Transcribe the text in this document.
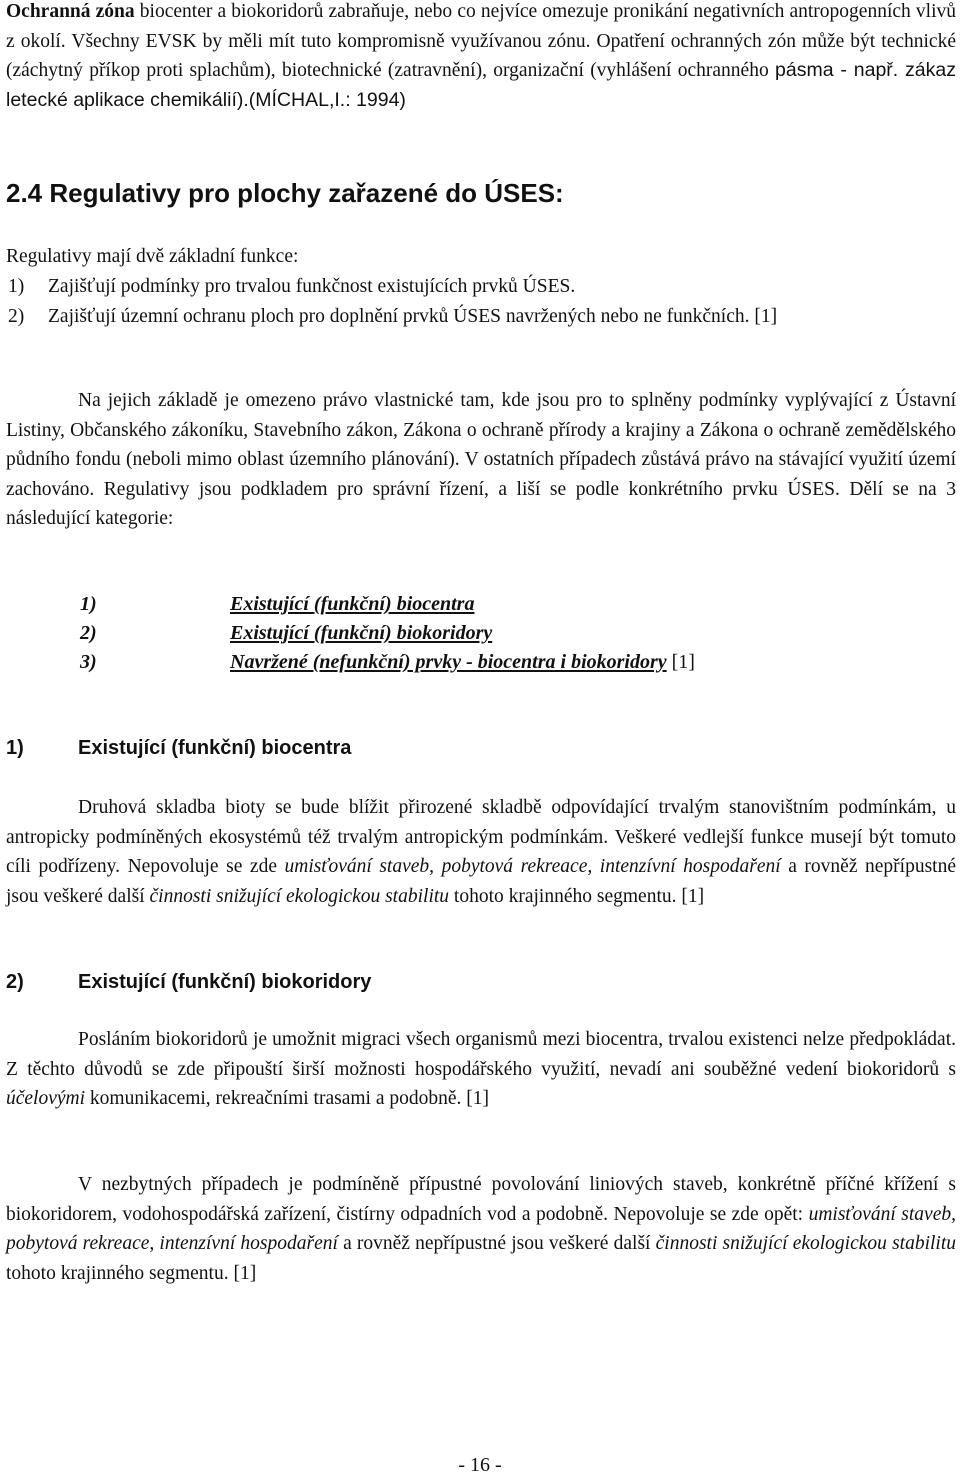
Ochranná zóna biocenter a biokoridorů zabraňuje, nebo co nejvíce omezuje pronikání negativních antropogenních vlivů z okolí. Všechny EVSK by měli mít tuto kompromisně využívanou zónu. Opatření ochranných zón může být technické (záchytný příkop proti splachům), biotechnické (zatravnění), organizační (vyhlášení ochranného pásma - např. zákaz letecké aplikace chemikálií).(MÍCHAL,I.: 1994)

2.4 Regulativy pro plochy zařazené do ÚSES:

Regulativy mají dvě základní funkce:

1)	Zajišťují podmínky pro trvalou funkčnost existujících prvků ÚSES.
2)	Zajišťují územní ochranu ploch pro doplnění prvků ÚSES navržených nebo ne funkčních. [1]

Na jejich základě je omezeno právo vlastnické tam, kde jsou pro to splněny podmínky vyplývající z Ústavní Listiny, Občanského zákoníku, Stavebního zákon, Zákona o ochraně přírody a krajiny a Zákona o ochraně zemědělského půdního fondu (neboli mimo oblast územního plánování). V ostatních případech zůstává právo na stávající využití území zachováno. Regulativy jsou podkladem pro správní řízení, a liší se podle konkrétního prvku ÚSES. Dělí se na 3 následující kategorie:

1)	Existující (funkční) biocentra
2)	Existující (funkční) biokoridory
3)	Navržené (nefunkční) prvky - biocentra i biokoridory [1]
1)	Existující (funkční) biocentra

Druhová skladba bioty se bude blížit přirozené skladbě odpovídající trvalým stanovištním podmínkám, u antropicky podmíněných ekosystémů též trvalým antropickým podmínkám. Veškeré vedlejší funkce musejí být tomuto cíli podřízeny. Nepovoluje se zde umisťování staveb, pobytová rekreace, intenzívní hospodaření a rovněž nepřípustné jsou veškeré další činnosti snižující ekologickou stabilitu tohoto krajinného segmentu. [1]

2)	Existující (funkční) biokoridory

Posláním biokoridorů je umožnit migraci všech organismů mezi biocentra, trvalou existenci nelze předpokládat. Z těchto důvodů se zde připouští širší možnosti hospodářského využití, nevadí ani souběžné vedení biokoridorů s účelovými komunikacemi, rekreačními trasami a podobně. [1]

V nezbytných případech je podmíněně přípustné povolování liniových staveb, konkrétně příčné křížení s biokoridorem, vodohospodářská zařízení, čistírny odpadních vod a podobně. Nepovoluje se zde opět: umisťování staveb, pobytová rekreace, intenzívní hospodaření a rovněž nepřípustné jsou veškeré další činnosti snižující ekologickou stabilitu tohoto krajinného segmentu. [1]

- 16 -
